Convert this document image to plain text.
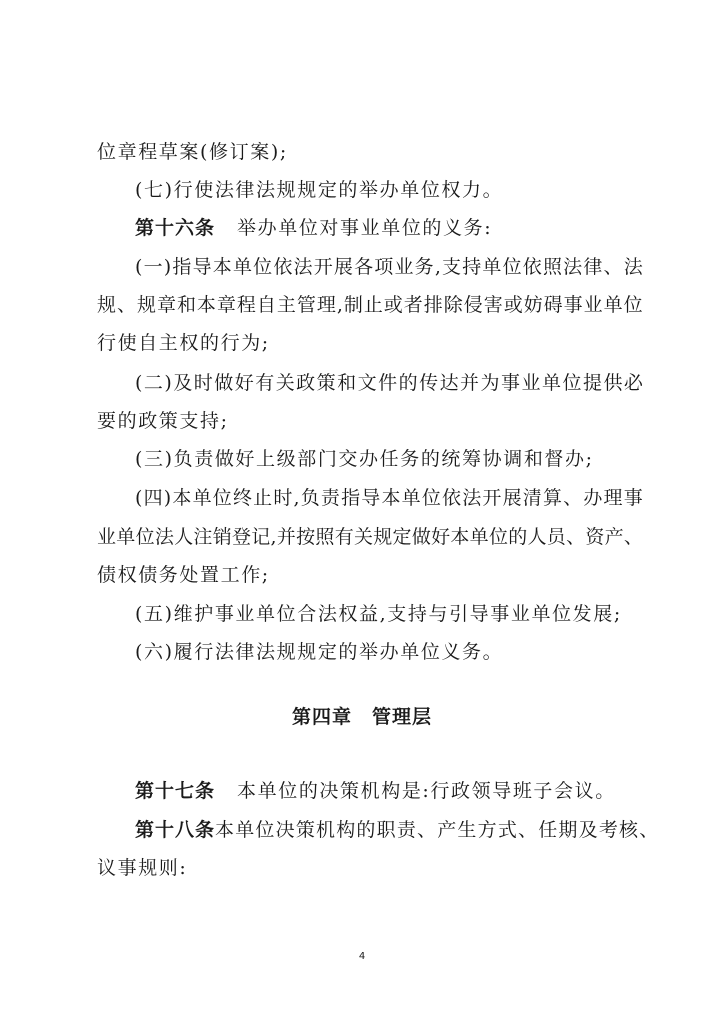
位章程草案(修订案);
(七)行使法律法规规定的举办单位权力。
第十六条 举办单位对事业单位的义务:
( 一 ) 指 导 本 单 位 依 法 开 展 各 项 业 务 , 支 持 单 位 依 照 法 律 、 法
规 、 规 章 和 本 章 程 自 主 管 理 , 制 止 或 者 排 除 侵 害 或 妨 碍 事 业 单 位
行使自主权的行为;
( 二 ) 及 时 做 好 有 关 政 策 和 文 件 的 传 达 并 为 事 业 单 位 提 供 必
要的政策支持;
(三)负责做好上级部门交办任务的统筹协调和督办;
( 四 ) 本 单 位 终 止 时 , 负 责 指 导 本 单 位 依 法 开 展 清 算 、 办 理 事
业 单 位 法 人 注 销 登 记 , 并 按 照 有 关 规 定 做 好 本 单 位 的 人 员 、 资 产 、
债权债务处置工作;
(五)维护事业单位合法权益,支持与引导事业单位发展;
(六)履行法律法规规定的举办单位义务。
第四章　管理层
第十七条 本单位的决策机构是:行政领导班子会议。
第十八条 本单位决策机构的职责、产生方式、任期及考核、
议事规则:
4
